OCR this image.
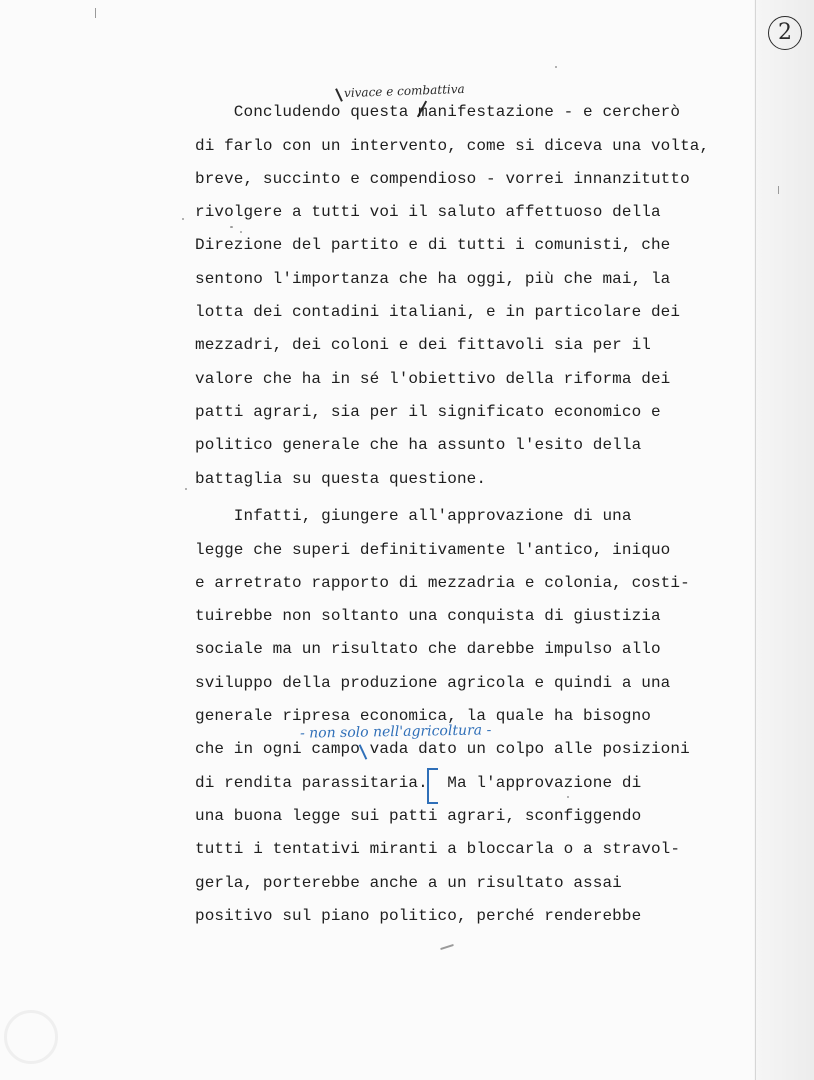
2
vivace e combattiva

Concludendo questa manifestazione - e cercherò

di farlo con un intervento, come si diceva una volta,

breve, succinto e compendioso - vorrei innanzitutto

rivolgere a tutti voi il saluto affettuoso della

Direzione del partito e di tutti i comunisti, che

sentono l'importanza che ha oggi, più che mai, la

lotta dei contadini italiani, e in particolare dei

mezzadri, dei coloni e dei fittavoli sia per il

valore che ha in sé l'obiettivo della riforma dei

patti agrari, sia per il significato economico e

politico generale che ha assunto l'esito della

battaglia su questa questione.

Infatti, giungere all'approvazione di una

legge che superi definitivamente l'antico, iniquo

e arretrato rapporto di mezzadria e colonia, costi-

tuirebbe non soltanto una conquista di giustizia

sociale ma un risultato che darebbe impulso allo

sviluppo della produzione agricola e quindi a una

generale ripresa economica, la quale ha bisogno

- non solo nell'agricoltura -

che in ogni campo vada dato un colpo alle posizioni

di rendita parassitaria.  Ma l'approvazione di

una buona legge sui patti agrari, sconfiggendo

tutti i tentativi miranti a bloccarla o a stravol-

gerla, porterebbe anche a un risultato assai

positivo sul piano politico, perché renderebbe
